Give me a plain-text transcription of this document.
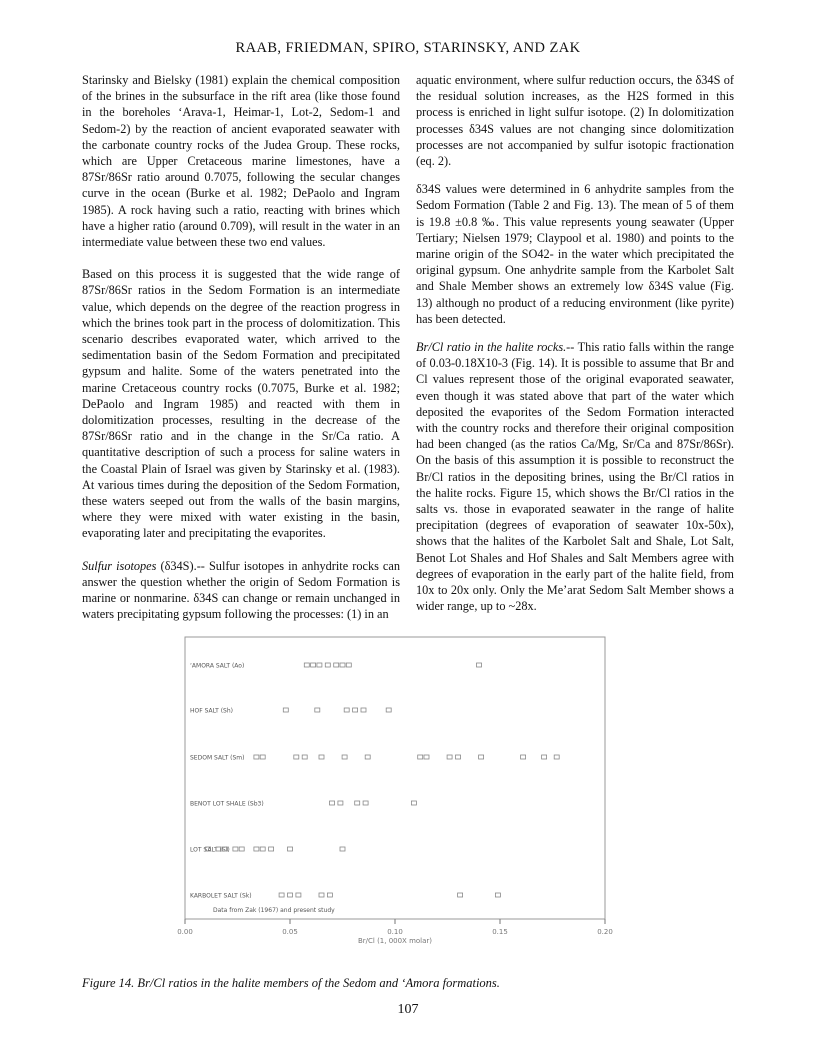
RAAB, FRIEDMAN, SPIRO, STARINSKY, AND ZAK

Starinsky and Bielsky (1981) explain the chemical composition of the brines in the subsurface in the rift area (like those found in the boreholes ‘Arava-1, Heimar-1, Lot-2, Sedom-1 and Sedom-2) by the reaction of ancient evaporated seawater with the carbonate country rocks of the Judea Group. These rocks, which are Upper Cretaceous marine limestones, have a 87Sr/86Sr ratio around 0.7075, following the secular changes curve in the ocean (Burke et al. 1982; DePaolo and Ingram 1985). A rock having such a ratio, reacting with brines which have a higher ratio (around 0.709), will result in the water in an intermediate value between these two end values.

Based on this process it is suggested that the wide range of 87Sr/86Sr ratios in the Sedom Formation is an intermediate value, which depends on the degree of the reaction progress in which the brines took part in the process of dolomitization. This scenario describes evaporated water, which arrived to the sedimentation basin of the Sedom Formation and precipitated gypsum and halite. Some of the waters penetrated into the marine Cretaceous country rocks (0.7075, Burke et al. 1982; DePaolo and Ingram 1985) and reacted with them in dolomitization processes, resulting in the decrease of the 87Sr/86Sr ratio and in the change in the Sr/Ca ratio. A quantitative description of such a process for saline waters in the Coastal Plain of Israel was given by Starinsky et al. (1983). At various times during the deposition of the Sedom Formation, these waters seeped out from the walls of the basin margins, where they were mixed with water existing in the basin, evaporating later and precipitating the evaporites.

Sulfur isotopes (δ34S).-- Sulfur isotopes in anhydrite rocks can answer the question whether the origin of Sedom Formation is marine or nonmarine. δ34S can change or remain unchanged in waters precipitating gypsum following the processes: (1) in an

aquatic environment, where sulfur reduction occurs, the δ34S of the residual solution increases, as the H2S formed in this process is enriched in light sulfur isotope. (2) In dolomitization processes δ34S values are not changing since dolomitization processes are not accompanied by sulfur isotopic fractionation (eq. 2).

δ34S values were determined in 6 anhydrite samples from the Sedom Formation (Table 2 and Fig. 13). The mean of 5 of them is 19.8 ±0.8 ‰. This value represents young seawater (Upper Tertiary; Nielsen 1979; Claypool et al. 1980) and points to the marine origin of the SO42- in the water which precipitated the original gypsum. One anhydrite sample from the Karbolet Salt and Shale Member shows an extremely low δ34S value (Fig. 13) although no product of a reducing environment (like pyrite) has been detected.

Br/Cl ratio in the halite rocks.-- This ratio falls within the range of 0.03-0.18X10-3 (Fig. 14). It is possible to assume that Br and Cl values represent those of the original evaporated seawater, even though it was stated above that part of the water which deposited the evaporites of the Sedom Formation interacted with the country rocks and therefore their original composition had been changed (as the ratios Ca/Mg, Sr/Ca and 87Sr/86Sr). On the basis of this assumption it is possible to reconstruct the Br/Cl ratios in the depositing brines, using the Br/Cl ratios in the halite rocks. Figure 15, which shows the Br/Cl ratios in the salts vs. those in evaporated seawater in the range of halite precipitation (degrees of evaporation of seawater 10x-50x), shows that the halites of the Karbolet Salt and Shale, Lot Salt, Benot Lot Shales and Hof Shales and Salt Members agree with degrees of evaporation in the early part of the halite field, from 10x to 20x only. Only the Me’arat Sedom Salt Member shows a wider range, up to ~28x.

0.00	0.05	0.10	0.15	0.20
Br/Cl (1, 000X molar)
‘AMORA SALT (Ao)
HOF SALT (Sh)
SEDOM SALT (Sm)
BENOT LOT SHALE (Sb3)
LOT SALT (Sl)
KARBOLET SALT (Sk)
Data from Zak (1967) and present study
Figure 14. Br/Cl ratios in the halite members of the Sedom and ‘Amora formations.
107
